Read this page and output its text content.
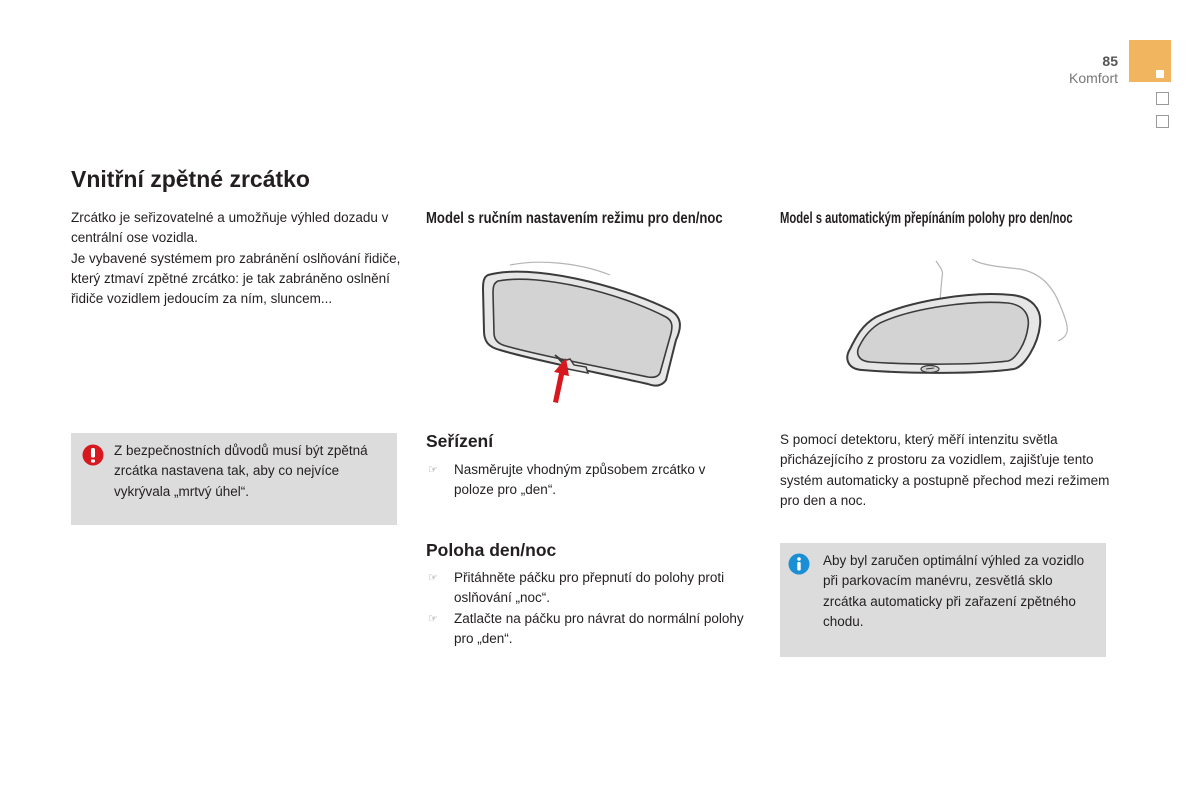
85
Komfort
Vnitřní zpětné zrcátko

Zrcátko je seřizovatelné a umožňuje výhled dozadu v centrální ose vozidla.

Je vybavené systémem pro zabránění oslňování řidiče, který ztmaví zpětné zrcátko: je tak zabráněno oslnění řidiče vozidlem jedoucím za ním, sluncem...

Z bezpečnostních důvodů musí být zpětná zrcátka nastavena tak, aby co nejvíce vykrývala „mrtvý úhel“.
Model s ručním nastavením režimu pro den/noc
Seřízení
☞ Nasměrujte vhodným způsobem zrcátko v poloze pro „den“.
Poloha den/noc
☞ Přitáhněte páčku pro přepnutí do polohy proti oslňování „noc“.
☞ Zatlačte na páčku pro návrat do normální polohy pro „den“.
Model s automatickým přepínáním polohy pro den/noc
S pomocí detektoru, který měří intenzitu světla přicházejícího z prostoru za vozidlem, zajišťuje tento systém automaticky a postupně přechod mezi režimem pro den a noc.
Aby byl zaručen optimální výhled za vozidlo při parkovacím manévru, zesvětlá sklo zrcátka automaticky při zařazení zpětného chodu.
